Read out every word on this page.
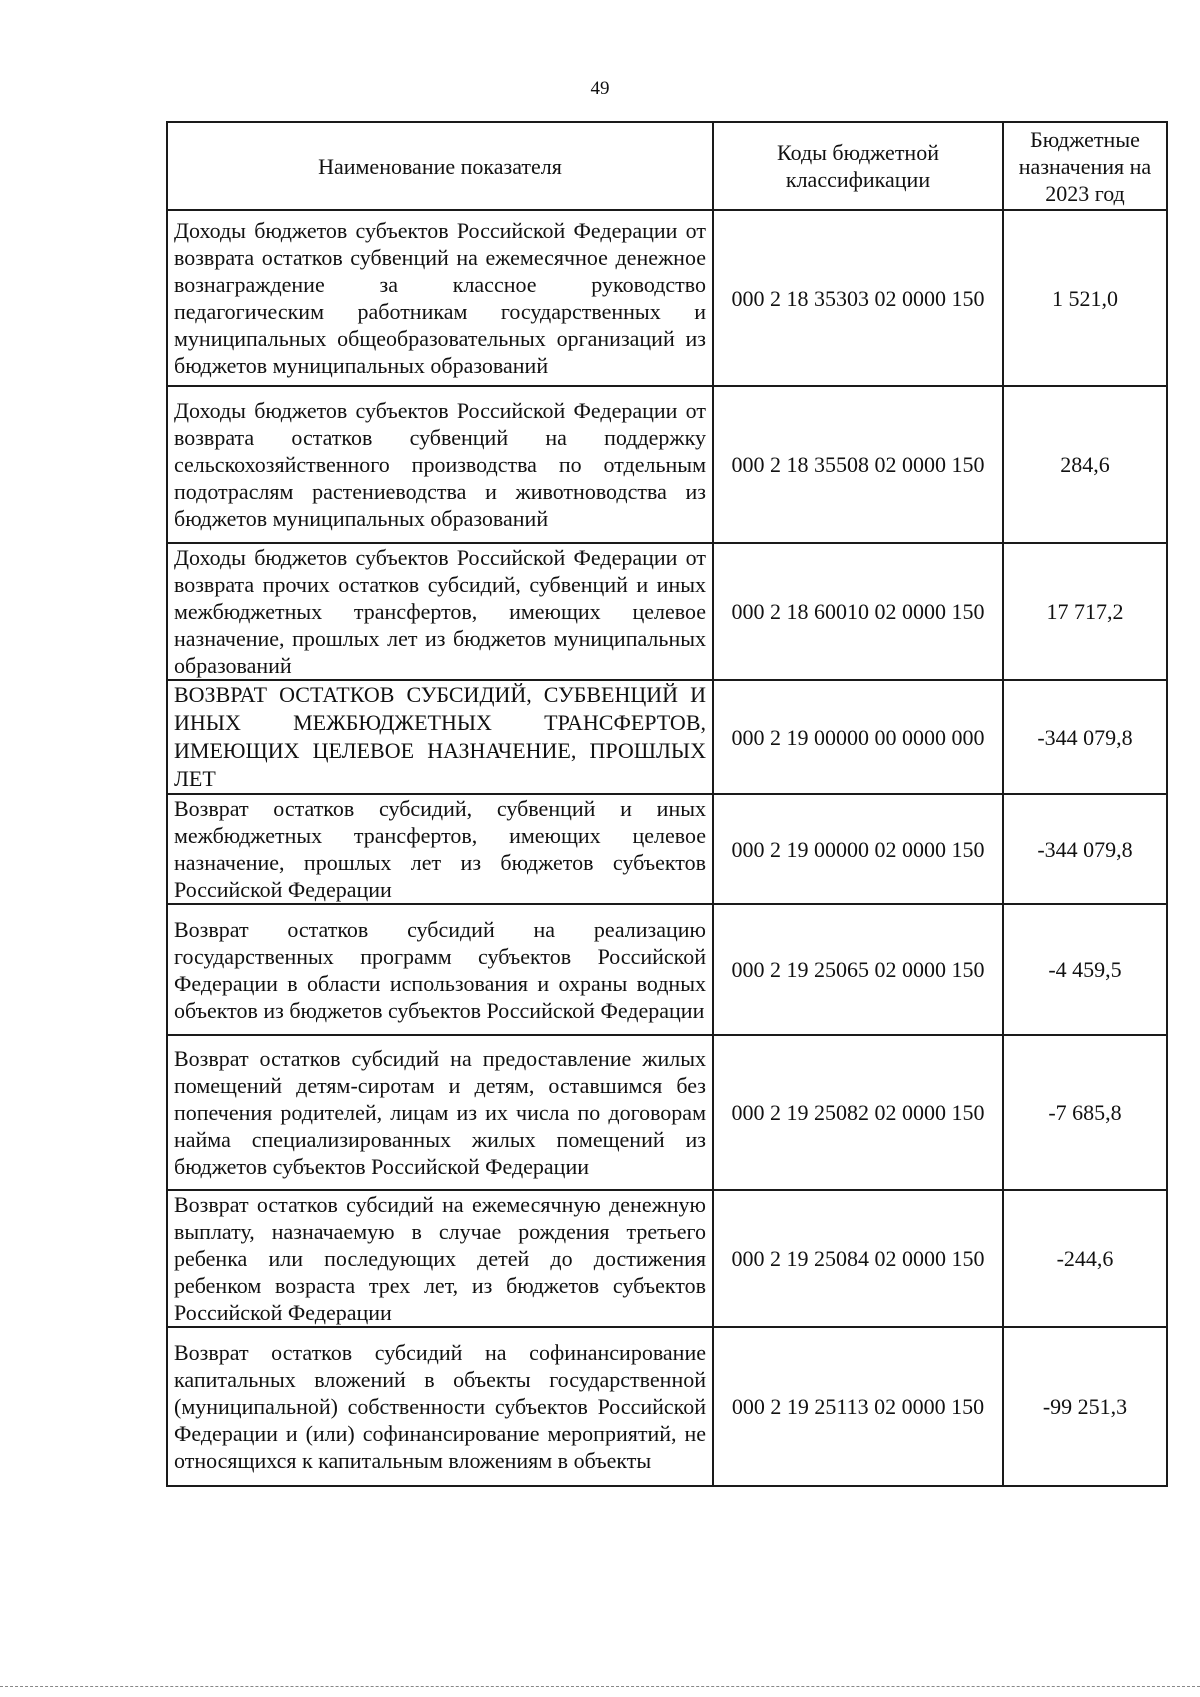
49
Наименование показателя	Коды бюджетной классификации	Бюджетные назначения на 2023 год
Доходы бюджетов субъектов Российской Федерации от возврата остатков субвенций на ежемесячное денежное вознаграждение за классное руководство педагогическим работникам государственных и муниципальных общеобразовательных организаций из бюджетов муниципальных образований	000 2 18 35303 02 0000 150	1 521,0
Доходы бюджетов субъектов Российской Федерации от возврата остатков субвенций на поддержку сельскохозяйственного производства по отдельным подотраслям растениеводства и животноводства из бюджетов муниципальных образований	000 2 18 35508 02 0000 150	284,6
Доходы бюджетов субъектов Российской Федерации от возврата прочих остатков субсидий, субвенций и иных межбюджетных трансфертов, имеющих целевое назначение, прошлых лет из бюджетов муниципальных образований	000 2 18 60010 02 0000 150	17 717,2
ВОЗВРАТ ОСТАТКОВ СУБСИДИЙ, СУБВЕНЦИЙ И ИНЫХ МЕЖБЮДЖЕТНЫХ ТРАНСФЕРТОВ, ИМЕЮЩИХ ЦЕЛЕВОЕ НАЗНАЧЕНИЕ, ПРОШЛЫХ ЛЕТ	000 2 19 00000 00 0000 000	-344 079,8
Возврат остатков субсидий, субвенций и иных межбюджетных трансфертов, имеющих целевое назначение, прошлых лет из бюджетов субъектов Российской Федерации	000 2 19 00000 02 0000 150	-344 079,8
Возврат остатков субсидий на реализацию государственных программ субъектов Российской Федерации в области использования и охраны водных объектов из бюджетов субъектов Российской Федерации	000 2 19 25065 02 0000 150	-4 459,5
Возврат остатков субсидий на предоставление жилых помещений детям-сиротам и детям, оставшимся без попечения родителей, лицам из их числа по договорам найма специализированных жилых помещений из бюджетов субъектов Российской Федерации	000 2 19 25082 02 0000 150	-7 685,8
Возврат остатков субсидий на ежемесячную денежную выплату, назначаемую в случае рождения третьего ребенка или последующих детей до достижения ребенком возраста трех лет, из бюджетов субъектов Российской Федерации	000 2 19 25084 02 0000 150	-244,6
Возврат остатков субсидий на софинансирование капитальных вложений в объекты государственной (муниципальной) собственности субъектов Российской Федерации и (или) софинансирование мероприятий, не относящихся к капитальным вложениям в объекты	000 2 19 25113 02 0000 150	-99 251,3
